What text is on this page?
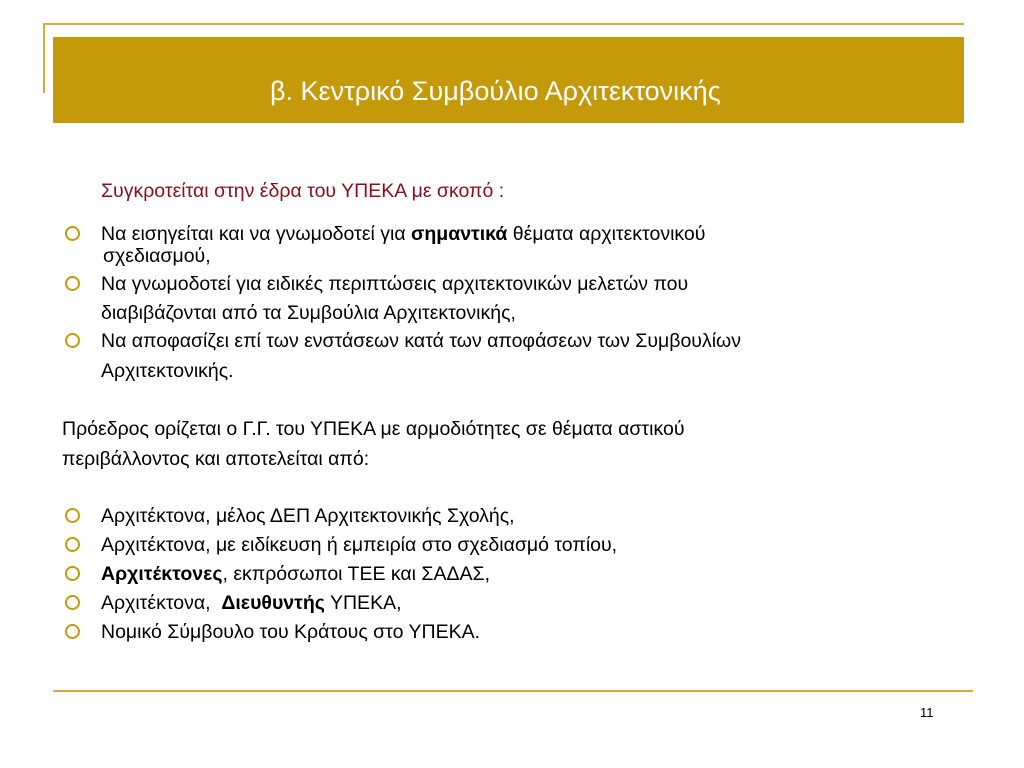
β. Κεντρικό Συμβούλιο Αρχιτεκτονικής
Συγκροτείται στην έδρα του ΥΠΕΚΑ με σκοπό :
Να εισηγείται και να γνωμοδοτεί για σημαντικά θέματα αρχιτεκτονικού
σχεδιασμού,
Να γνωμοδοτεί για ειδικές περιπτώσεις αρχιτεκτονικών μελετών που
διαβιβάζονται από τα Συμβούλια Αρχιτεκτονικής,
Να αποφασίζει επί των ενστάσεων κατά των αποφάσεων των Συμβουλίων
Αρχιτεκτονικής.
Πρόεδρος ορίζεται ο Γ.Γ. του ΥΠΕΚΑ με αρμοδιότητες σε θέματα αστικού
περιβάλλοντος και αποτελείται από:
Αρχιτέκτονα, μέλος ΔΕΠ Αρχιτεκτονικής Σχολής,
Αρχιτέκτονα, με ειδίκευση ή εμπειρία στο σχεδιασμό τοπίου,
Αρχιτέκτονες, εκπρόσωποι ΤΕΕ και ΣΑΔΑΣ,
Αρχιτέκτονα,  Διευθυντής ΥΠΕΚΑ,
Νομικό Σύμβουλο του Κράτους στο ΥΠΕΚΑ.
11
